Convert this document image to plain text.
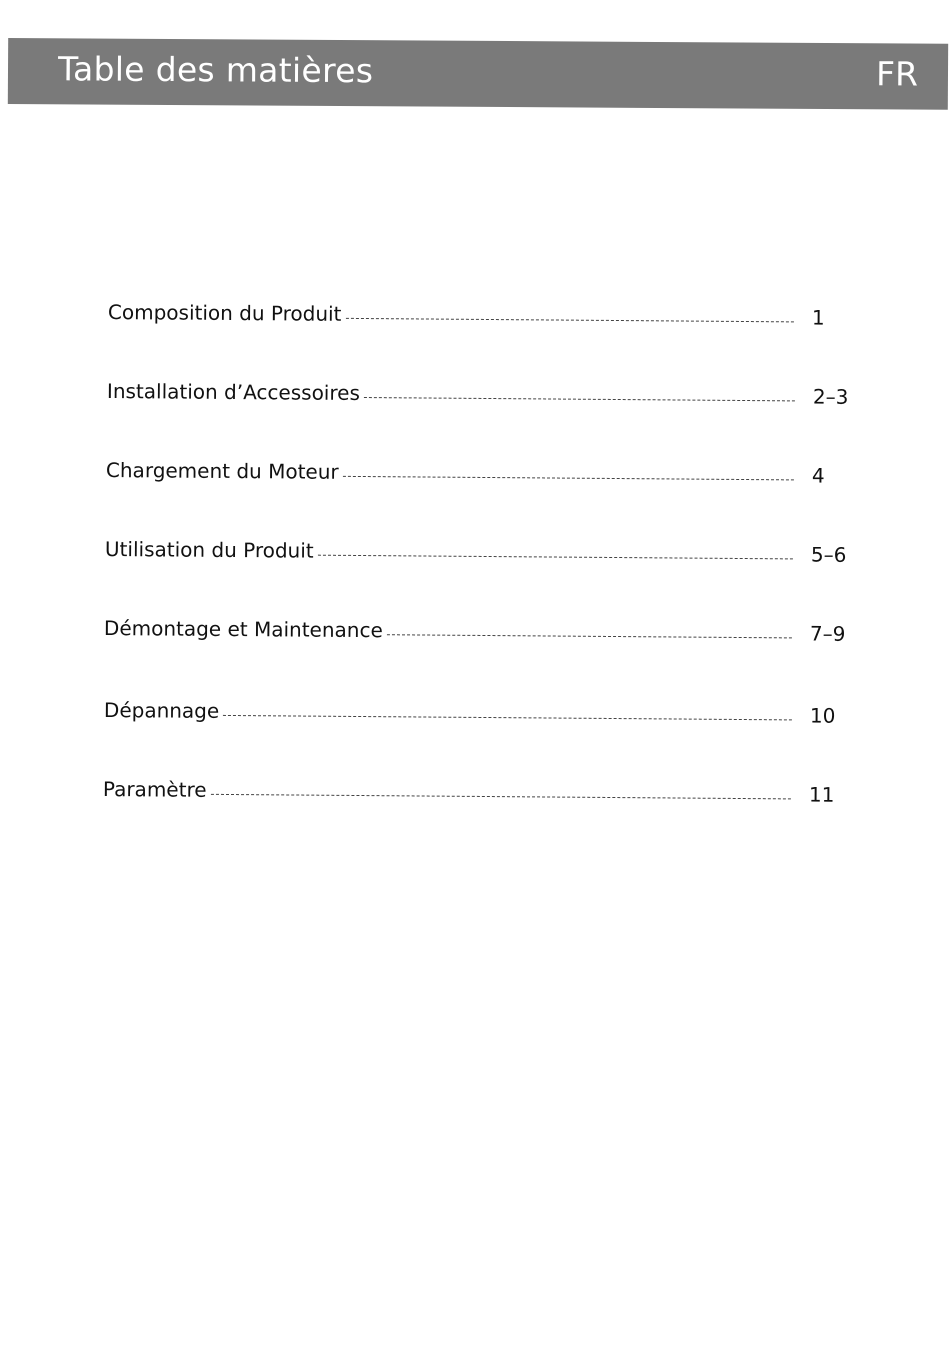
Table des matières	FR
Composition du Produit	1
Installation d’Accessoires	2–3
Chargement du Moteur	4
Utilisation du Produit	5–6
Démontage et Maintenance	7–9
Dépannage	10
Paramètre	11
